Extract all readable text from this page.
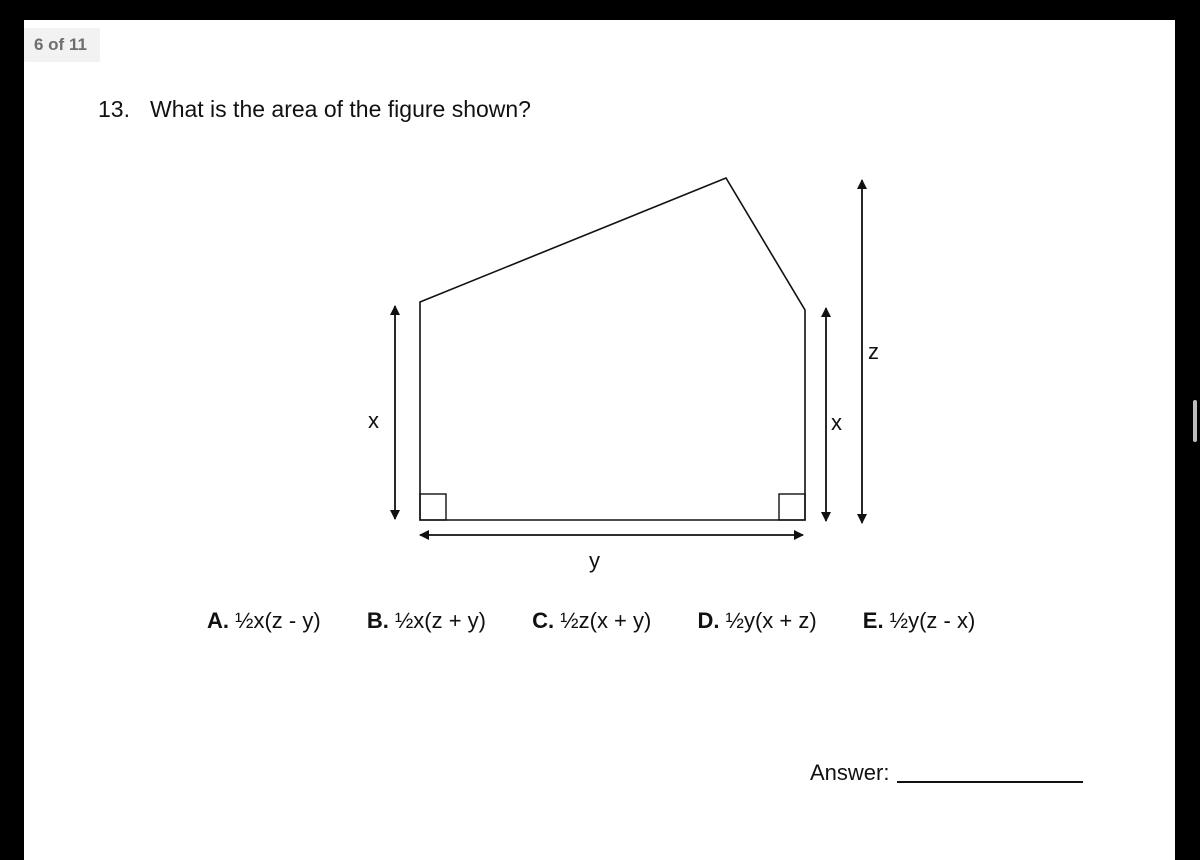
6 of 11
13. What is the area of the figure shown?
x	x
z
y
A. ½x(z - y) B. ½x(z + y) C. ½z(x + y) D. ½y(x + z) E. ½y(z - x)
Answer:
